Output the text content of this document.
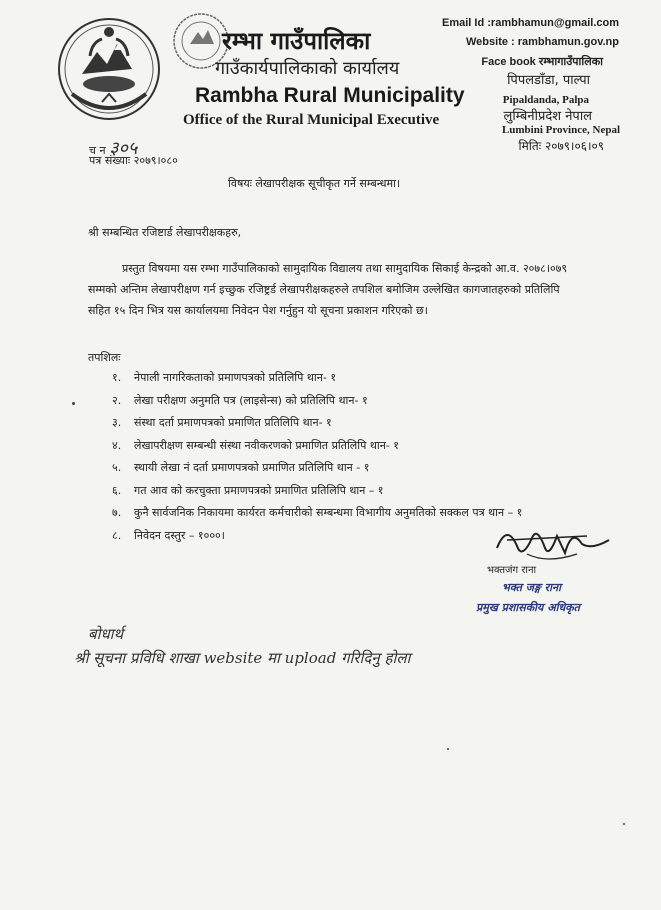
रम्भा गाउँपालिका
गाउँकार्यपालिकाको कार्यालय
Rambha Rural Municipality
Office of the Rural Municipal Executive
Email Id :rambhamun@gmail.com
Website : rambhamun.gov.np
Face book रम्भागाउँपालिका
पिपलडाँडा, पाल्पा
Pipaldanda, Palpa
लुम्बिनीप्रदेश नेपाल
Lumbini Province, Nepal
मितिः २०७९।०६।०९
च न ३०५
पत्र संख्याः २०७९।०८०
विषयः लेखापरीक्षक सूचीकृत गर्ने सम्बन्धमा।
श्री सम्बन्धित रजिष्टार्ड लेखापरीक्षकहरु,
प्रस्तुत विषयमा यस रम्भा गाउँपालिकाको सामुदायिक विद्यालय तथा सामुदायिक सिकाई केन्द्रको आ.व. २०७८।०७९ सम्मको अन्तिम लेखापरीक्षण गर्न इच्छुक रजिष्ट्रर्ड लेखापरीक्षकहरुले तपशिल बमोजिम उल्लेखित कागजातहरुको प्रतिलिपि सहित १५ दिन भित्र यस कार्यालयमा निवेदन पेश गर्नुहुन यो सूचना प्रकाशन गरिएको छ।
तपशिलः
१.	नेपाली नागरिकताको प्रमाणपत्रको प्रतिलिपि थान- १
२.	लेखा परीक्षण अनुमति पत्र (लाइसेन्स) को प्रतिलिपि थान- १
३.	संस्था दर्ता प्रमाणपत्रको प्रमाणित प्रतिलिपि थान- १
४.	लेखापरीक्षण सम्बन्धी संस्था नवीकरणको प्रमाणित प्रतिलिपि थान- १
५.	स्थायी लेखा नं दर्ता प्रमाणपत्रको प्रमाणित प्रतिलिपि थान - १
६.	गत आव को करचुक्ता प्रमाणपत्रको प्रमाणित प्रतिलिपि थान – १
७.	कुनै सार्वजनिक निकायमा कार्यरत कर्मचारीको सम्बन्धमा विभागीय अनुमतिको सक्कल पत्र थान – १
८.	निवेदन दस्तुर – १०००।
भक्तजंग राना
भक्त जङ्ग राना
प्रमुख प्रशासकीय अधिकृत
बोधार्थ
श्री सूचना प्रविधि शाखा website मा upload गरिदिनु होला
